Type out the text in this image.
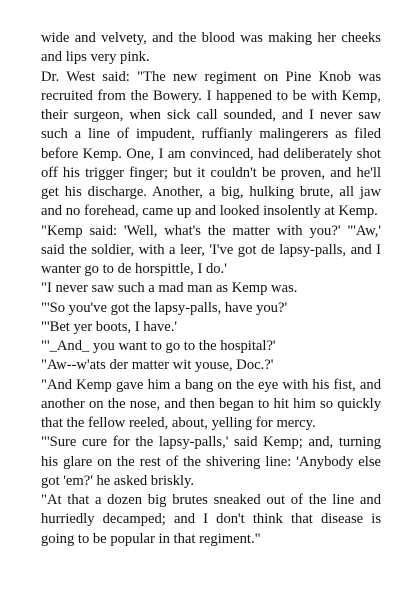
wide and velvety, and the blood was making her cheeks and lips very pink.

Dr. West said: "The new regiment on Pine Knob was recruited from the Bowery. I happened to be with Kemp, their surgeon, when sick call sounded, and I never saw such a line of impudent, ruffianly malingerers as filed before Kemp. One, I am convinced, had deliberately shot off his trigger finger; but it couldn't be proven, and he'll get his discharge. Another, a big, hulking brute, all jaw and no forehead, came up and looked insolently at Kemp.

"Kemp said: 'Well, what's the matter with you?' "'Aw,' said the soldier, with a leer, 'I've got de lapsy-palls, and I wanter go to de horspittle, I do.'

"I never saw such a mad man as Kemp was.

"'So you've got the lapsy-palls, have you?'

"'Bet yer boots, I have.'

"'_And_ you want to go to the hospital?'

"Aw--w'ats der matter wit youse, Doc.?'

"And Kemp gave him a bang on the eye with his fist, and another on the nose, and then began to hit him so quickly that the fellow reeled, about, yelling for mercy.

"'Sure cure for the lapsy-palls,' said Kemp; and, turning his glare on the rest of the shivering line: 'Anybody else got 'em?' he asked briskly.

"At that a dozen big brutes sneaked out of the line and hurriedly decamped; and I don't think that disease is going to be popular in that regiment."
